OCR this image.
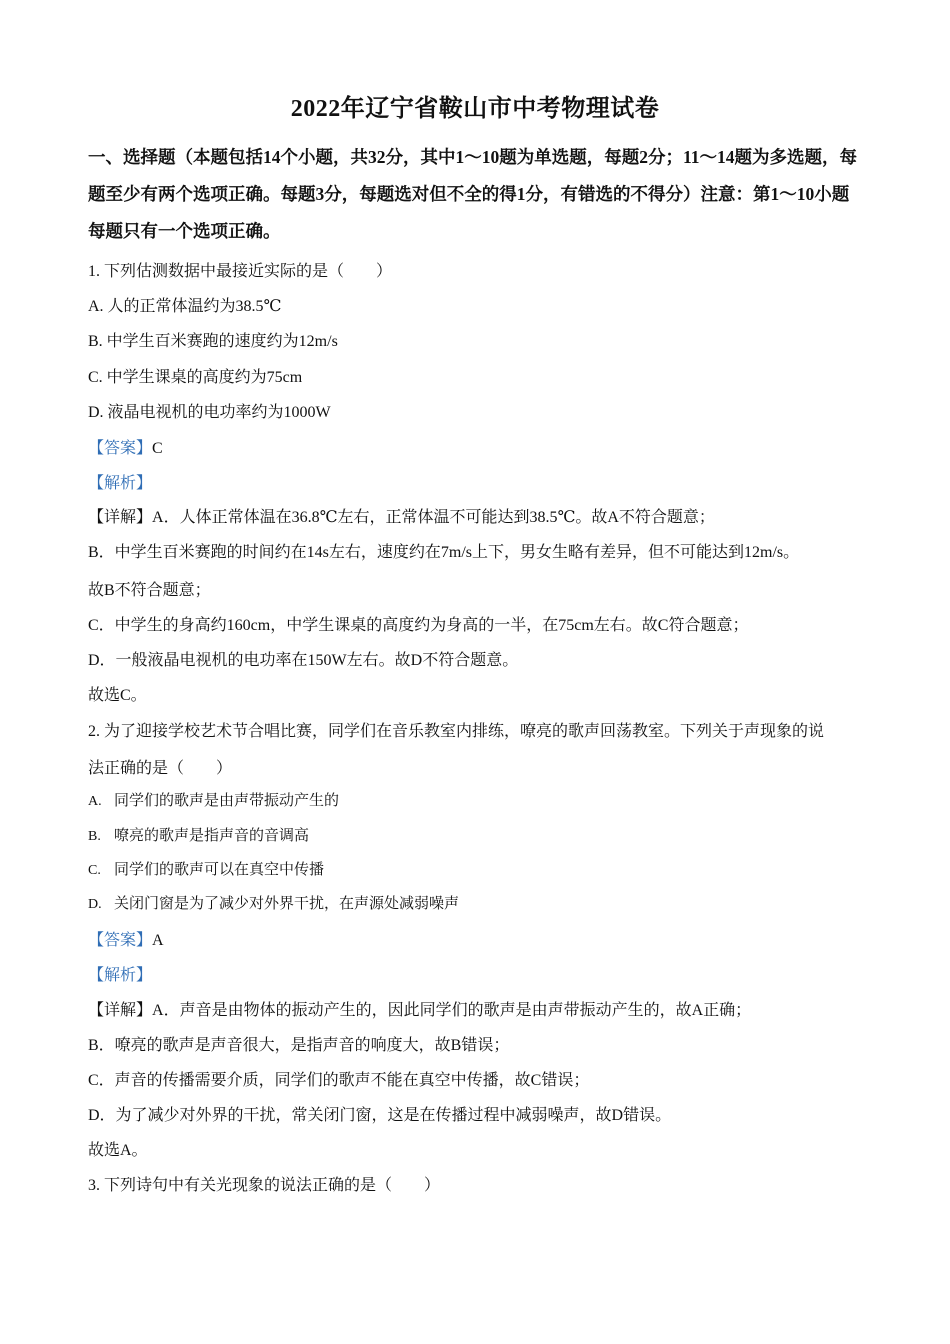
2022年辽宁省鞍山市中考物理试卷
一、选择题（本题包括14个小题，共32分，其中1～10题为单选题，每题2分；11～14题为多选题，每题至少有两个选项正确。每题3分，每题选对但不全的得1分，有错选的不得分）注意：第1～10小题每题只有一个选项正确。
1. 下列估测数据中最接近实际的是（　　）
A. 人的正常体温约为38.5℃
B. 中学生百米赛跑的速度约为12m/s
C. 中学生课桌的高度约为75cm
D. 液晶电视机的电功率约为1000W
【答案】C
【解析】
【详解】A．人体正常体温在36.8℃左右，正常体温不可能达到38.5℃。故A不符合题意；
B．中学生百米赛跑的时间约在14s左右，速度约在7m/s上下，男女生略有差异，但不可能达到12m/s。
故B不符合题意；
C．中学生的身高约160cm，中学生课桌的高度约为身高的一半，在75cm左右。故C符合题意；
D．一般液晶电视机的电功率在150W左右。故D不符合题意。
故选C。
2. 为了迎接学校艺术节合唱比赛，同学们在音乐教室内排练，嘹亮的歌声回荡教室。下列关于声现象的说
法正确的是（　　）
A. 同学们的歌声是由声带振动产生的
B. 嘹亮的歌声是指声音的音调高
C. 同学们的歌声可以在真空中传播
D. 关闭门窗是为了减少对外界干扰，在声源处减弱噪声
【答案】A
【解析】
【详解】A．声音是由物体的振动产生的，因此同学们的歌声是由声带振动产生的，故A正确；
B．嘹亮的歌声是声音很大，是指声音的响度大，故B错误；
C．声音的传播需要介质，同学们的歌声不能在真空中传播，故C错误；
D．为了减少对外界的干扰，常关闭门窗，这是在传播过程中减弱噪声，故D错误。
故选A。
3. 下列诗句中有关光现象的说法正确的是（　　）
